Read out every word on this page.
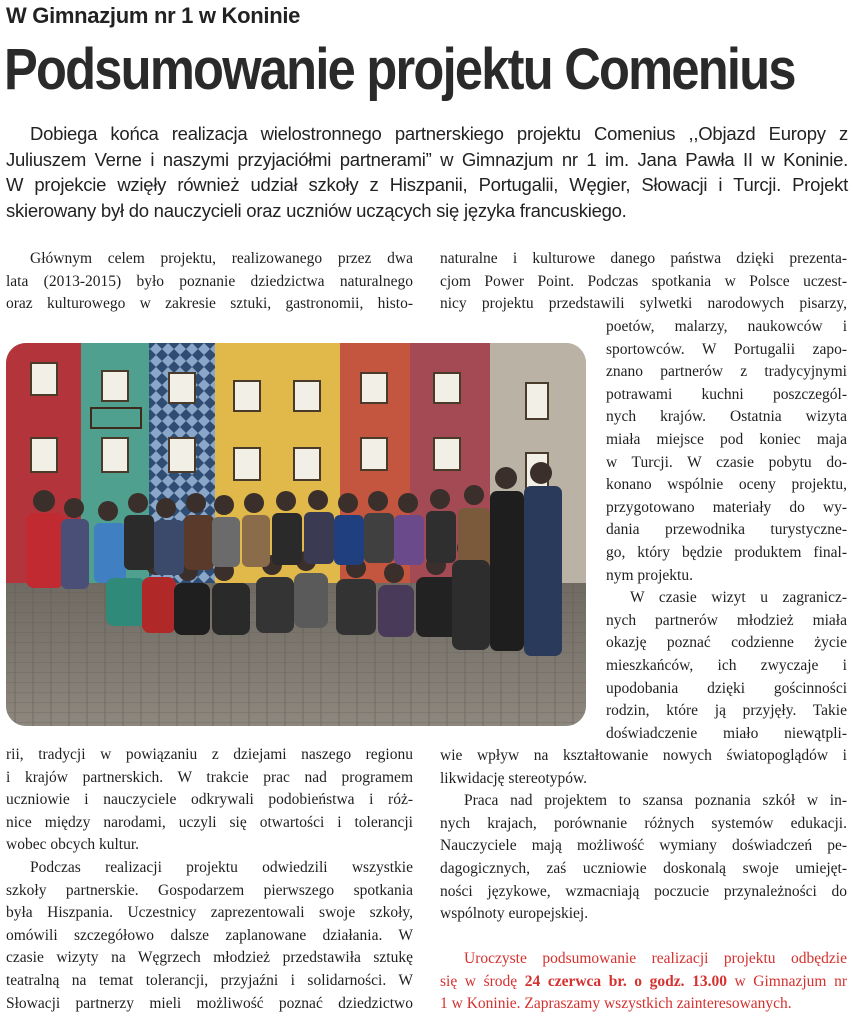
W Gimnazjum nr 1 w Koninie
Podsumowanie projektu Comenius
Dobiega końca realizacja wielostronnego partnerskiego projektu Comenius ,,Objazd Europy z
Juliuszem Verne i naszymi przyjaciółmi partnerami” w Gimnazjum nr 1 im. Jana Pawła II w Koninie.
W projekcie wzięły również udział szkoły z Hiszpanii, Portugalii, Węgier, Słowacji i Turcji. Projekt
skierowany był do nauczycieli oraz uczniów uczących się języka francuskiego.
Głównym celem projektu, realizowanego przez dwa
lata (2013-2015) było poznanie dziedzictwa naturalnego
oraz kulturowego w zakresie sztuki, gastronomii, histo-
rii, tradycji w powiązaniu z dziejami naszego regionu
i krajów partnerskich. W trakcie prac nad programem
uczniowie i nauczyciele odkrywali podobieństwa i róż-
nice między narodami, uczyli się otwartości i tolerancji
wobec obcych kultur.
Podczas realizacji projektu odwiedzili wszystkie
szkoły partnerskie. Gospodarzem pierwszego spotkania
była Hiszpania. Uczestnicy zaprezentowali swoje szkoły,
omówili szczegółowo dalsze zaplanowane działania. W
czasie wizyty na Węgrzech młodzież przedstawiła sztukę
teatralną na temat tolerancji, przyjaźni i solidarności. W
Słowacji partnerzy mieli możliwość poznać dziedzictwo
naturalne i kulturowe danego państwa dzięki prezenta-
cjom Power Point. Podczas spotkania w Polsce uczest-
nicy projektu przedstawili sylwetki narodowych pisarzy,
poetów, malarzy, naukowców i
sportowców. W Portugalii zapo-
znano partnerów z tradycyjnymi
potrawami kuchni poszczegól-
nych krajów. Ostatnia wizyta
miała miejsce pod koniec maja
w Turcji. W czasie pobytu do-
konano wspólnie oceny projektu,
przygotowano materiały do wy-
dania przewodnika turystyczne-
go, który będzie produktem final-
nym projektu.
W czasie wizyt u zagranicz-
nych partnerów młodzież miała
okazję poznać codzienne życie
mieszkańców, ich zwyczaje i
upodobania dzięki gościnności
rodzin, które ją przyjęły. Takie
doświadczenie miało niewątpli-
wie wpływ na kształtowanie nowych światopoglądów i
likwidację stereotypów.
Praca nad projektem to szansa poznania szkół w in-
nych krajach, porównanie różnych systemów edukacji.
Nauczyciele mają możliwość wymiany doświadczeń pe-
dagogicznych, zaś uczniowie doskonalą swoje umiejęt-
ności językowe, wzmacniają poczucie przynależności do
wspólnoty europejskiej.
Uroczyste podsumowanie realizacji projektu odbędzie
się w środę 24 czerwca br. o godz. 13.00 w Gimnazjum nr
1 w Koninie. Zapraszamy wszystkich zainteresowanych.
